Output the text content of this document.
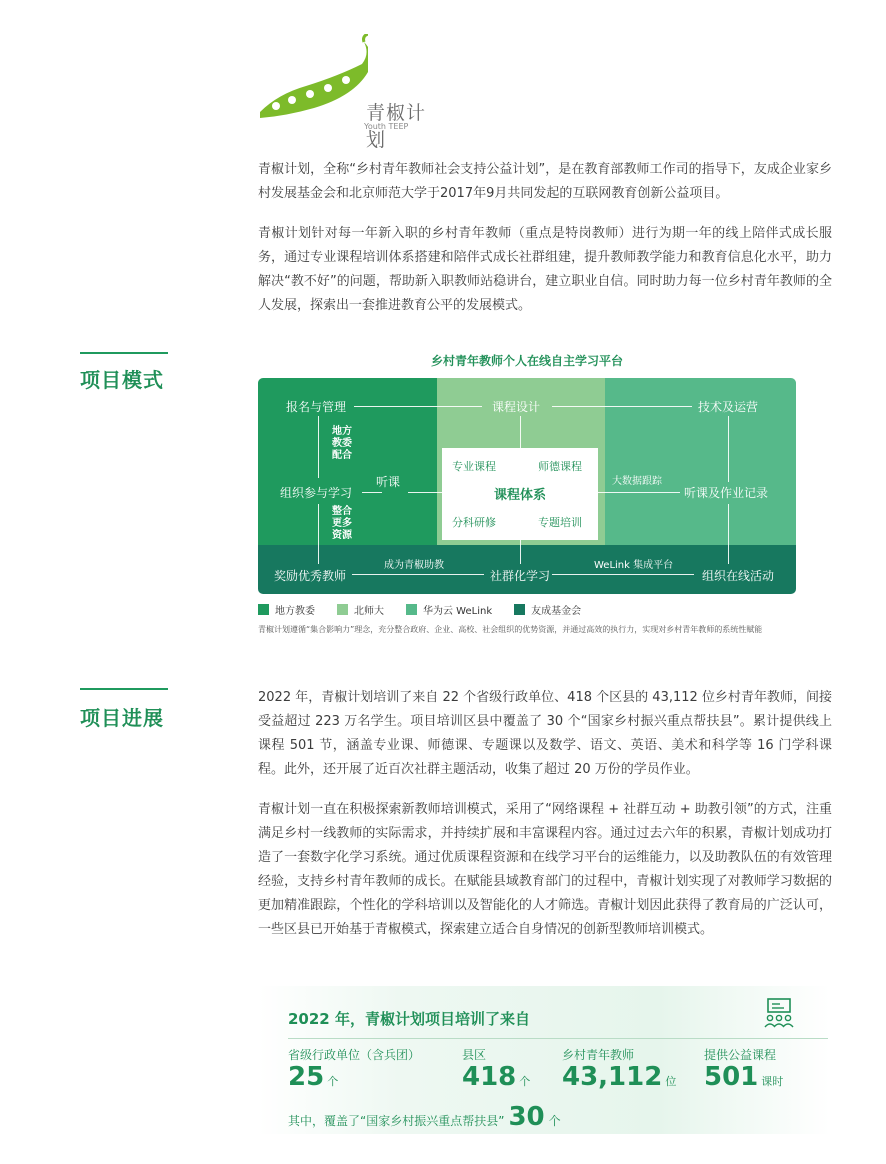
青椒计划
Youth TEEP
青椒计划，全称“乡村青年教师社会支持公益计划”，是在教育部教师工作司的指导下，友成企业家乡村发展基金会和北京师范大学于2017年9月共同发起的互联网教育创新公益项目。
青椒计划针对每一年新入职的乡村青年教师（重点是特岗教师）进行为期一年的线上陪伴式成长服务，通过专业课程培训体系搭建和陪伴式成长社群组建，提升教师教学能力和教育信息化水平，助力解决“教不好”的问题，帮助新入职教师站稳讲台，建立职业自信。同时助力每一位乡村青年教师的全人发展，探索出一套推进教育公平的发展模式。
项目模式
乡村青年教师个人在线自主学习平台
报名与管理
地方
教委
配合
组织参与学习
听课
整合
更多
资源
课程设计
专业课程	师德课程
课程体系
分科研修	专题培训
技术及运营
大数据跟踪
听课及作业记录
奖励优秀教师
成为青椒助教
社群化学习
WeLink 集成平台
组织在线活动
地方教委	北师大	华为云 WeLink	友成基金会
青椒计划遵循“集合影响力”理念，充分整合政府、企业、高校、社会组织的优势资源，并通过高效的执行力，实现对乡村青年教师的系统性赋能
项目进展
2022 年，青椒计划培训了来自 22 个省级行政单位、418 个区县的 43,112 位乡村青年教师，间接受益超过 223 万名学生。项目培训区县中覆盖了 30 个“国家乡村振兴重点帮扶县”。累计提供线上课程 501 节，涵盖专业课、师德课、专题课以及数学、语文、英语、美术和科学等 16 门学科课程。此外，还开展了近百次社群主题活动，收集了超过 20 万份的学员作业。
青椒计划一直在积极探索新教师培训模式，采用了“网络课程 + 社群互动 + 助教引领”的方式，注重满足乡村一线教师的实际需求，并持续扩展和丰富课程内容。通过过去六年的积累，青椒计划成功打造了一套数字化学习系统。通过优质课程资源和在线学习平台的运维能力，以及助教队伍的有效管理经验，支持乡村青年教师的成长。在赋能县域教育部门的过程中，青椒计划实现了对教师学习数据的更加精准跟踪，个性化的学科培训以及智能化的人才筛选。青椒计划因此获得了教育局的广泛认可，一些区县已开始基于青椒模式，探索建立适合自身情况的创新型教师培训模式。
2022 年，青椒计划项目培训了来自
省级行政单位（含兵团）
25 个
县区
418 个
乡村青年教师
43,112 位
提供公益课程
501 课时
其中，覆盖了“国家乡村振兴重点帮扶县” 30 个
